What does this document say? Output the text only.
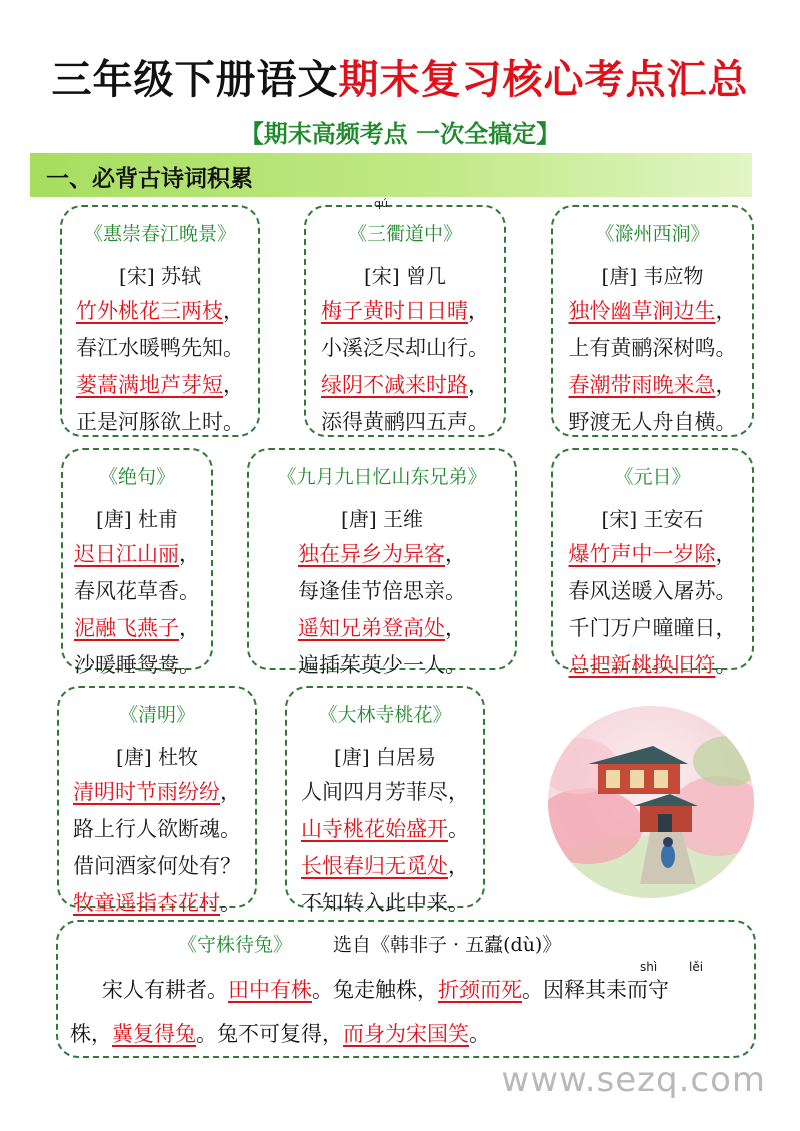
三年级下册语文期末复习核心考点汇总
【期末高频考点 一次全搞定】
一、必背古诗词积累
《惠崇春江晚景》
[宋] 苏轼
竹外桃花三两枝，
春江水暖鸭先知。
蒌蒿满地芦芽短，
正是河豚欲上时。
《三衢道中》
qú
[宋] 曾几
梅子黄时日日晴，
小溪泛尽却山行。
绿阴不减来时路，
添得黄鹂四五声。
《滁州西涧》
[唐] 韦应物
独怜幽草涧边生，
上有黄鹂深树鸣。
春潮带雨晚来急，
野渡无人舟自横。
《绝句》
[唐] 杜甫
迟日江山丽，
春风花草香。
泥融飞燕子，
沙暖睡鸳鸯。
《九月九日忆山东兄弟》
[唐] 王维
独在异乡为异客，
每逢佳节倍思亲。
遥知兄弟登高处，
遍插茱萸少一人。
《元日》
[宋] 王安石
爆竹声中一岁除，
春风送暖入屠苏。
千门万户曈曈日，
总把新桃换旧符。
《清明》
[唐] 杜牧
清明时节雨纷纷，
路上行人欲断魂。
借问酒家何处有？
牧童遥指杏花村。
《大林寺桃花》
[唐] 白居易
人间四月芳菲尽，
山寺桃花始盛开。
长恨春归无觅处，
不知转入此中来。
《守株待兔》 选自《韩非子 · 五蠹(dù)》
shì	lěi
宋人有耕者。田中有株。兔走触株，折颈而死。因释其耒而守
株，冀复得兔。兔不可复得，而身为宋国笑。
www.sezq.com
